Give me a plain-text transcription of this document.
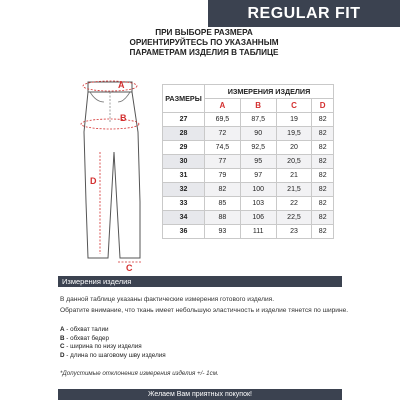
REGULAR FIT
ПРИ ВЫБОРЕ РАЗМЕРА
ОРИЕНТИРУЙТЕСЬ ПО УКАЗАННЫМ
ПАРАМЕТРАМ ИЗДЕЛИЯ В ТАБЛИЦЕ
A
B
D
C
РАЗМЕРЫ	ИЗМЕРЕНИЯ ИЗДЕЛИЯ			
	A	B	C	D
27	69,5	87,5	19	82
28	72	90	19,5	82
29	74,5	92,5	20	82
30	77	95	20,5	82
31	79	97	21	82
32	82	100	21,5	82
33	85	103	22	82
34	88	106	22,5	82
36	93	111	23	82
Измерения изделия

В данной таблице указаны фактические измерения готового изделия.

Обратите внимание, что ткань имеет небольшую эластичность и изделие тянется по ширине.

A - обхват талии
B - обхват бедер
C - ширина по низу изделия
D - длина по шаговому шву изделия
*Допустимые отклонения измерения изделия +/- 1см.
Желаем Вам приятных покупок!
